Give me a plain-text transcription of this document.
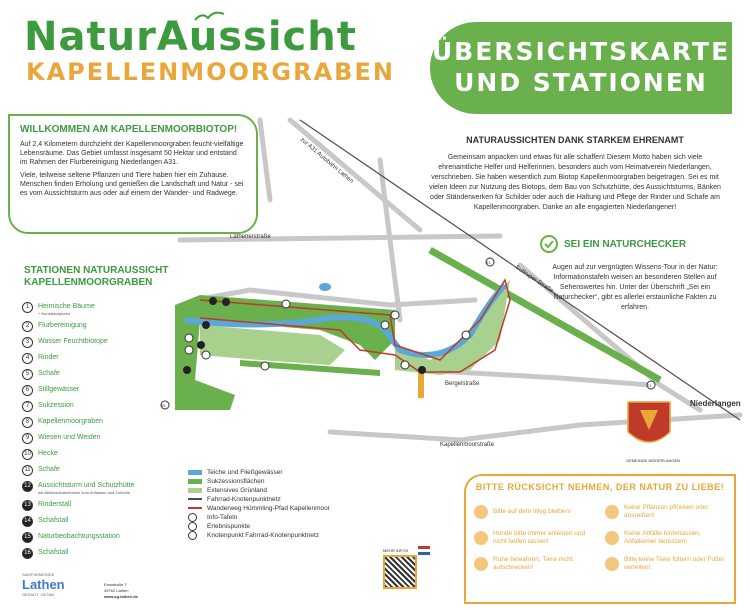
NaturAussicht
KAPELLENMOORGRABEN
ÜBERSICHTSKARTE
UND STATIONEN
Lathenerstraße
zur A31 Autobahn Lathen
Suttruper Straße
Bergelstraße
Kapellenmoorstraße
Niederlangen
61
69
21
GEMEINDE NIEDERLANGEN
WILLKOMMEN AM KAPELLENMOORBIOTOP!
Auf 2,4 Kilometern durchzieht der Kapellenmoorgraben feucht-vielfältige Lebensräume. Das Gebiet umfasst insgesamt 50 Hektar und entstand im Rahmen der Flurbereinigung Niederlangen A31.
Viele, teilweise seltene Pflanzen und Tiere haben hier ein Zuhause. Menschen finden Erholung und genießen die Landschaft und Natur - sei es vom Aussichtsturm aus oder auf einem der Wander- und Radwege.
STATIONEN NATURAUSSICHT KAPELLENMOORGRABEN
1	Heimische Bäume
+ Kunstskulpturen
2	Flurbereinigung
3	Wasser Feuchtbiotope
4	Rinder
5	Schafe
6	Stillgewässer
7	Sukzession
8	Kapellenmoorgraben
9	Wiesen und Weiden
10	Hecke
11	Schafe
12	Aussichtsturm und Schutzhütte
mit Aktionsdiodenboxen zum Anfassen und Zuhören
13	Rinderstall
14	Schafstall
15	Naturbeobachtungsstation
16	Schafstall
NATURAUSSICHTEN DANK STARKEM EHRENAMT
Gemeinsam anpacken und etwas für alle schaffen! Diesem Motto haben sich viele ehrenamtliche Helfer und Helferinnen, besonders auch vom Heimatverein Niederlangen, verschrieben. Sie haben wesentlich zum Biotop Kapellenmoorgraben beigetragen. Sei es mit vielen Ideen zur Nutzung des Biotops, dem Bau von Schutzhütte, des Aussichtsturms, Bänken oder Ständerwerken für Schilder oder auch die Haltung und Pflege der Rinder und Schafe am Kapellenmoorgraben. Danke an alle engagierten Niederlangener!
SEI EIN NATURCHECKER
Augen auf zur vergnügten Wissens-Tour in der Natur: Informationstafeln weisen an besonderen Stellen auf Sehenswertes hin. Unter der Überschrift „Sei ein Naturchecker“, gibt es allerlei erstaunliche Fakten zu erfahren.
Teiche und Fließgewässer
Sukzessionsflächen
Extensives Grünland
Fahrrad-Knotenpunktnetz
Wanderweg Hümmling-Pfad Kapellenmoor
Info-Tafeln
Erlebnispunkte
Knotenpunkt Fahrrad-Knotenpunktnetz
BITTE RÜCKSICHT NEHMEN, DER NATUR ZU LIEBE!
Bitte auf dem Weg bleiben!
Keine Pflanzen pflücken oder ausreißen!
Hunde bitte immer anleinen und nicht laufen lassen!
Keine Abfälle hinterlassen, Abfalleimer benutzen!
Ruhe bewahren, Tiere nicht aufschrecken!
Bitte keine Tiere füttern oder Futter verteilen!
SAMTGEMEINDE
Lathen
GESAGT. GETAN.
Emsstraße 7
49762 Lathen
www.sg-lathen.de
MEHR INFOS
